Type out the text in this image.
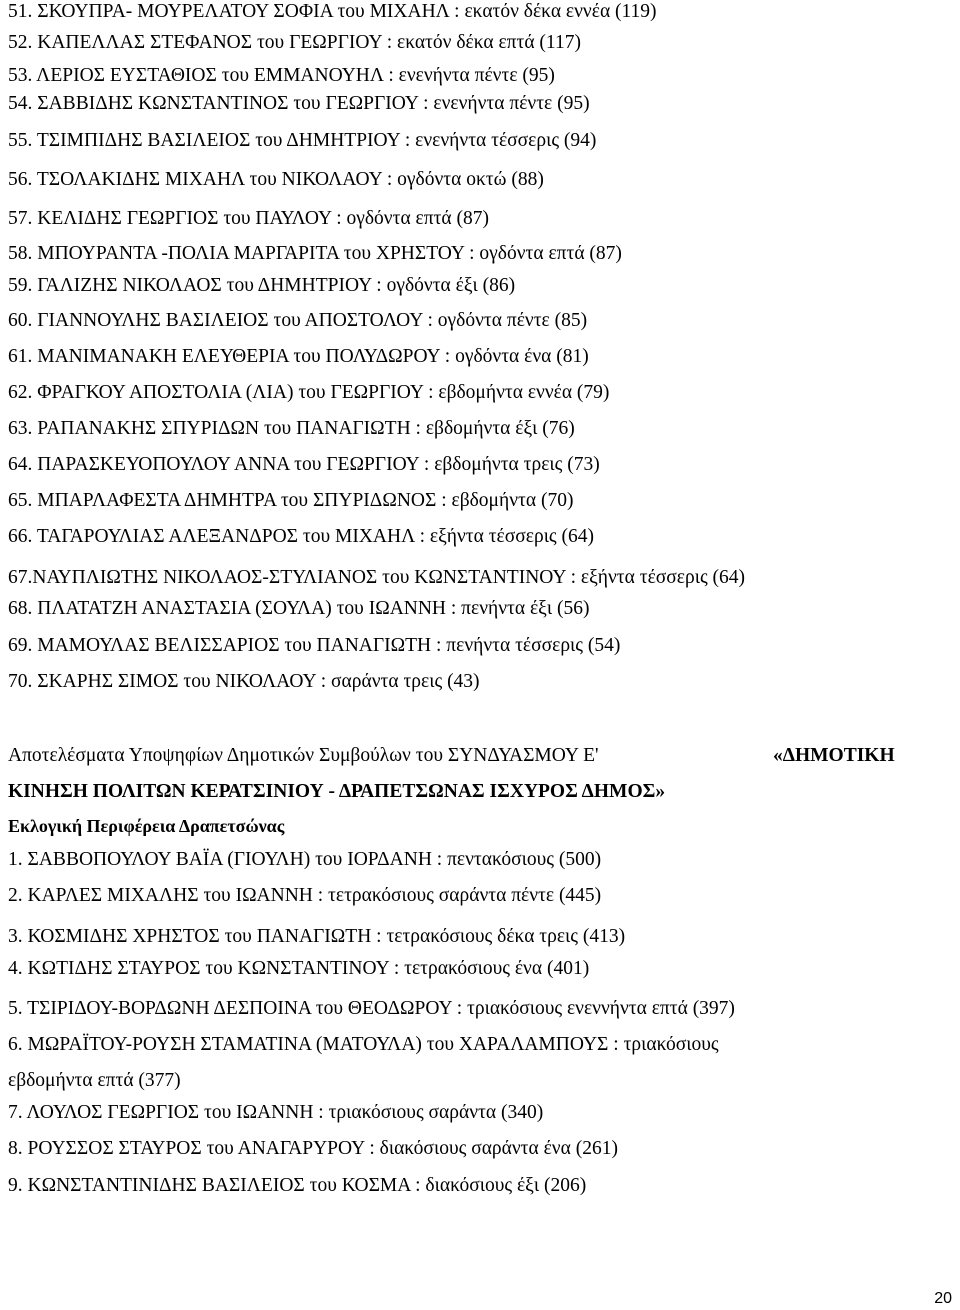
51. ΣΚΟΥΠΡΑ- ΜΟΥΡΕΛΑΤΟΥ ΣΟΦΙΑ του ΜΙΧΑΗΛ : εκατόν δέκα εννέα (119)
52. ΚΑΠΕΛΛΑΣ ΣΤΕΦΑΝΟΣ του ΓΕΩΡΓΙΟΥ : εκατόν δέκα επτά (117)
53. ΛΕΡΙΟΣ ΕΥΣΤΑΘΙΟΣ του ΕΜΜΑΝΟΥΗΛ : ενενήντα πέντε (95)
54. ΣΑΒΒΙΔΗΣ ΚΩΝΣΤΑΝΤΙΝΟΣ του ΓΕΩΡΓΙΟΥ : ενενήντα πέντε (95)
55. ΤΣΙΜΠΙΔΗΣ ΒΑΣΙΛΕΙΟΣ του ΔΗΜΗΤΡΙΟΥ : ενενήντα τέσσερις (94)
56. ΤΣΟΛΑΚΙΔΗΣ ΜΙΧΑΗΛ του ΝΙΚΟΛΑΟΥ : ογδόντα οκτώ (88)
57. ΚΕΛΙΔΗΣ ΓΕΩΡΓΙΟΣ του ΠΑΥΛΟΥ : ογδόντα επτά (87)
58. ΜΠΟΥΡΑΝΤΑ -ΠΟΛΙΑ ΜΑΡΓΑΡΙΤΑ του ΧΡΗΣΤΟΥ : ογδόντα επτά (87)
59. ΓΑΛΙΖΗΣ ΝΙΚΟΛΑΟΣ του ΔΗΜΗΤΡΙΟΥ : ογδόντα έξι (86)
60. ΓΙΑΝΝΟΥΛΗΣ ΒΑΣΙΛΕΙΟΣ του ΑΠΟΣΤΟΛΟΥ : ογδόντα πέντε (85)
61. ΜΑΝΙΜΑΝΑΚΗ ΕΛΕΥΘΕΡΙΑ του ΠΟΛΥΔΩΡΟΥ : ογδόντα ένα (81)
62. ΦΡΑΓΚΟΥ ΑΠΟΣΤΟΛΙΑ (ΛΙΑ) του ΓΕΩΡΓΙΟΥ : εβδομήντα εννέα (79)
63. ΡΑΠΑΝΑΚΗΣ ΣΠΥΡΙΔΩΝ του ΠΑΝΑΓΙΩΤΗ : εβδομήντα έξι (76)
64. ΠΑΡΑΣΚΕΥΟΠΟΥΛΟΥ ΑΝΝΑ του ΓΕΩΡΓΙΟΥ : εβδομήντα τρεις (73)
65. ΜΠΑΡΛΑΦΕΣΤΑ ΔΗΜΗΤΡΑ του ΣΠΥΡΙΔΩΝΟΣ : εβδομήντα (70)
66. ΤΑΓΑΡΟΥΛΙΑΣ ΑΛΕΞΑΝΔΡΟΣ του ΜΙΧΑΗΛ : εξήντα τέσσερις (64)
67.ΝΑΥΠΛΙΩΤΗΣ ΝΙΚΟΛΑΟΣ-ΣΤΥΛΙΑΝΟΣ του ΚΩΝΣΤΑΝΤΙΝΟΥ : εξήντα τέσσερις (64)
68. ΠΛΑΤΑΤΖΗ ΑΝΑΣΤΑΣΙΑ (ΣΟΥΛΑ) του ΙΩΑΝΝΗ : πενήντα έξι (56)
69. ΜΑΜΟΥΛΑΣ ΒΕΛΙΣΣΑΡΙΟΣ του ΠΑΝΑΓΙΩΤΗ : πενήντα τέσσερις (54)
70. ΣΚΑΡΗΣ ΣΙΜΟΣ του ΝΙΚΟΛΑΟΥ : σαράντα τρεις (43)
Αποτελέσματα Υποψηφίων Δημοτικών Συμβούλων του ΣΥΝΔΥΑΣΜΟΥ Ε'	«ΔΗΜΟΤΙΚΗ
ΚΙΝΗΣΗ ΠΟΛΙΤΩΝ ΚΕΡΑΤΣΙΝΙΟΥ - ΔΡΑΠΕΤΣΩΝΑΣ ΙΣΧΥΡΟΣ ΔΗΜΟΣ»
Εκλογική Περιφέρεια Δραπετσώνας
1. ΣΑΒΒΟΠΟΥΛΟΥ ΒΑΪΑ (ΓΙΟΥΛΗ) του ΙΟΡΔΑΝΗ : πεντακόσιους (500)
2. ΚΑΡΛΕΣ ΜΙΧΑΛΗΣ του ΙΩΑΝΝΗ : τετρακόσιους σαράντα πέντε (445)
3. ΚΟΣΜΙΔΗΣ ΧΡΗΣΤΟΣ του ΠΑΝΑΓΙΩΤΗ : τετρακόσιους δέκα τρεις (413)
4. ΚΩΤΙΔΗΣ ΣΤΑΥΡΟΣ του ΚΩΝΣΤΑΝΤΙΝΟΥ : τετρακόσιους ένα (401)
5. ΤΣΙΡΙΔΟΥ-ΒΟΡΔΩΝΗ ΔΕΣΠΟΙΝΑ του ΘΕΟΔΩΡΟΥ : τριακόσιους ενεννήντα επτά (397)
6. ΜΩΡΑΪΤΟΥ-ΡΟΥΣΗ ΣΤΑΜΑΤΙΝΑ (ΜΑΤΟΥΛΑ) του ΧΑΡΑΛΑΜΠΟΥΣ : τριακόσιους
εβδομήντα επτά (377)
7. ΛΟΥΛΟΣ ΓΕΩΡΓΙΟΣ του ΙΩΑΝΝΗ : τριακόσιους σαράντα (340)
8. ΡΟΥΣΣΟΣ ΣΤΑΥΡΟΣ του ΑΝΑΓΑΡΥΡΟΥ : διακόσιους σαράντα ένα (261)
9. ΚΩΝΣΤΑΝΤΙΝΙΔΗΣ ΒΑΣΙΛΕΙΟΣ του ΚΟΣΜΑ : διακόσιους έξι (206)
20
